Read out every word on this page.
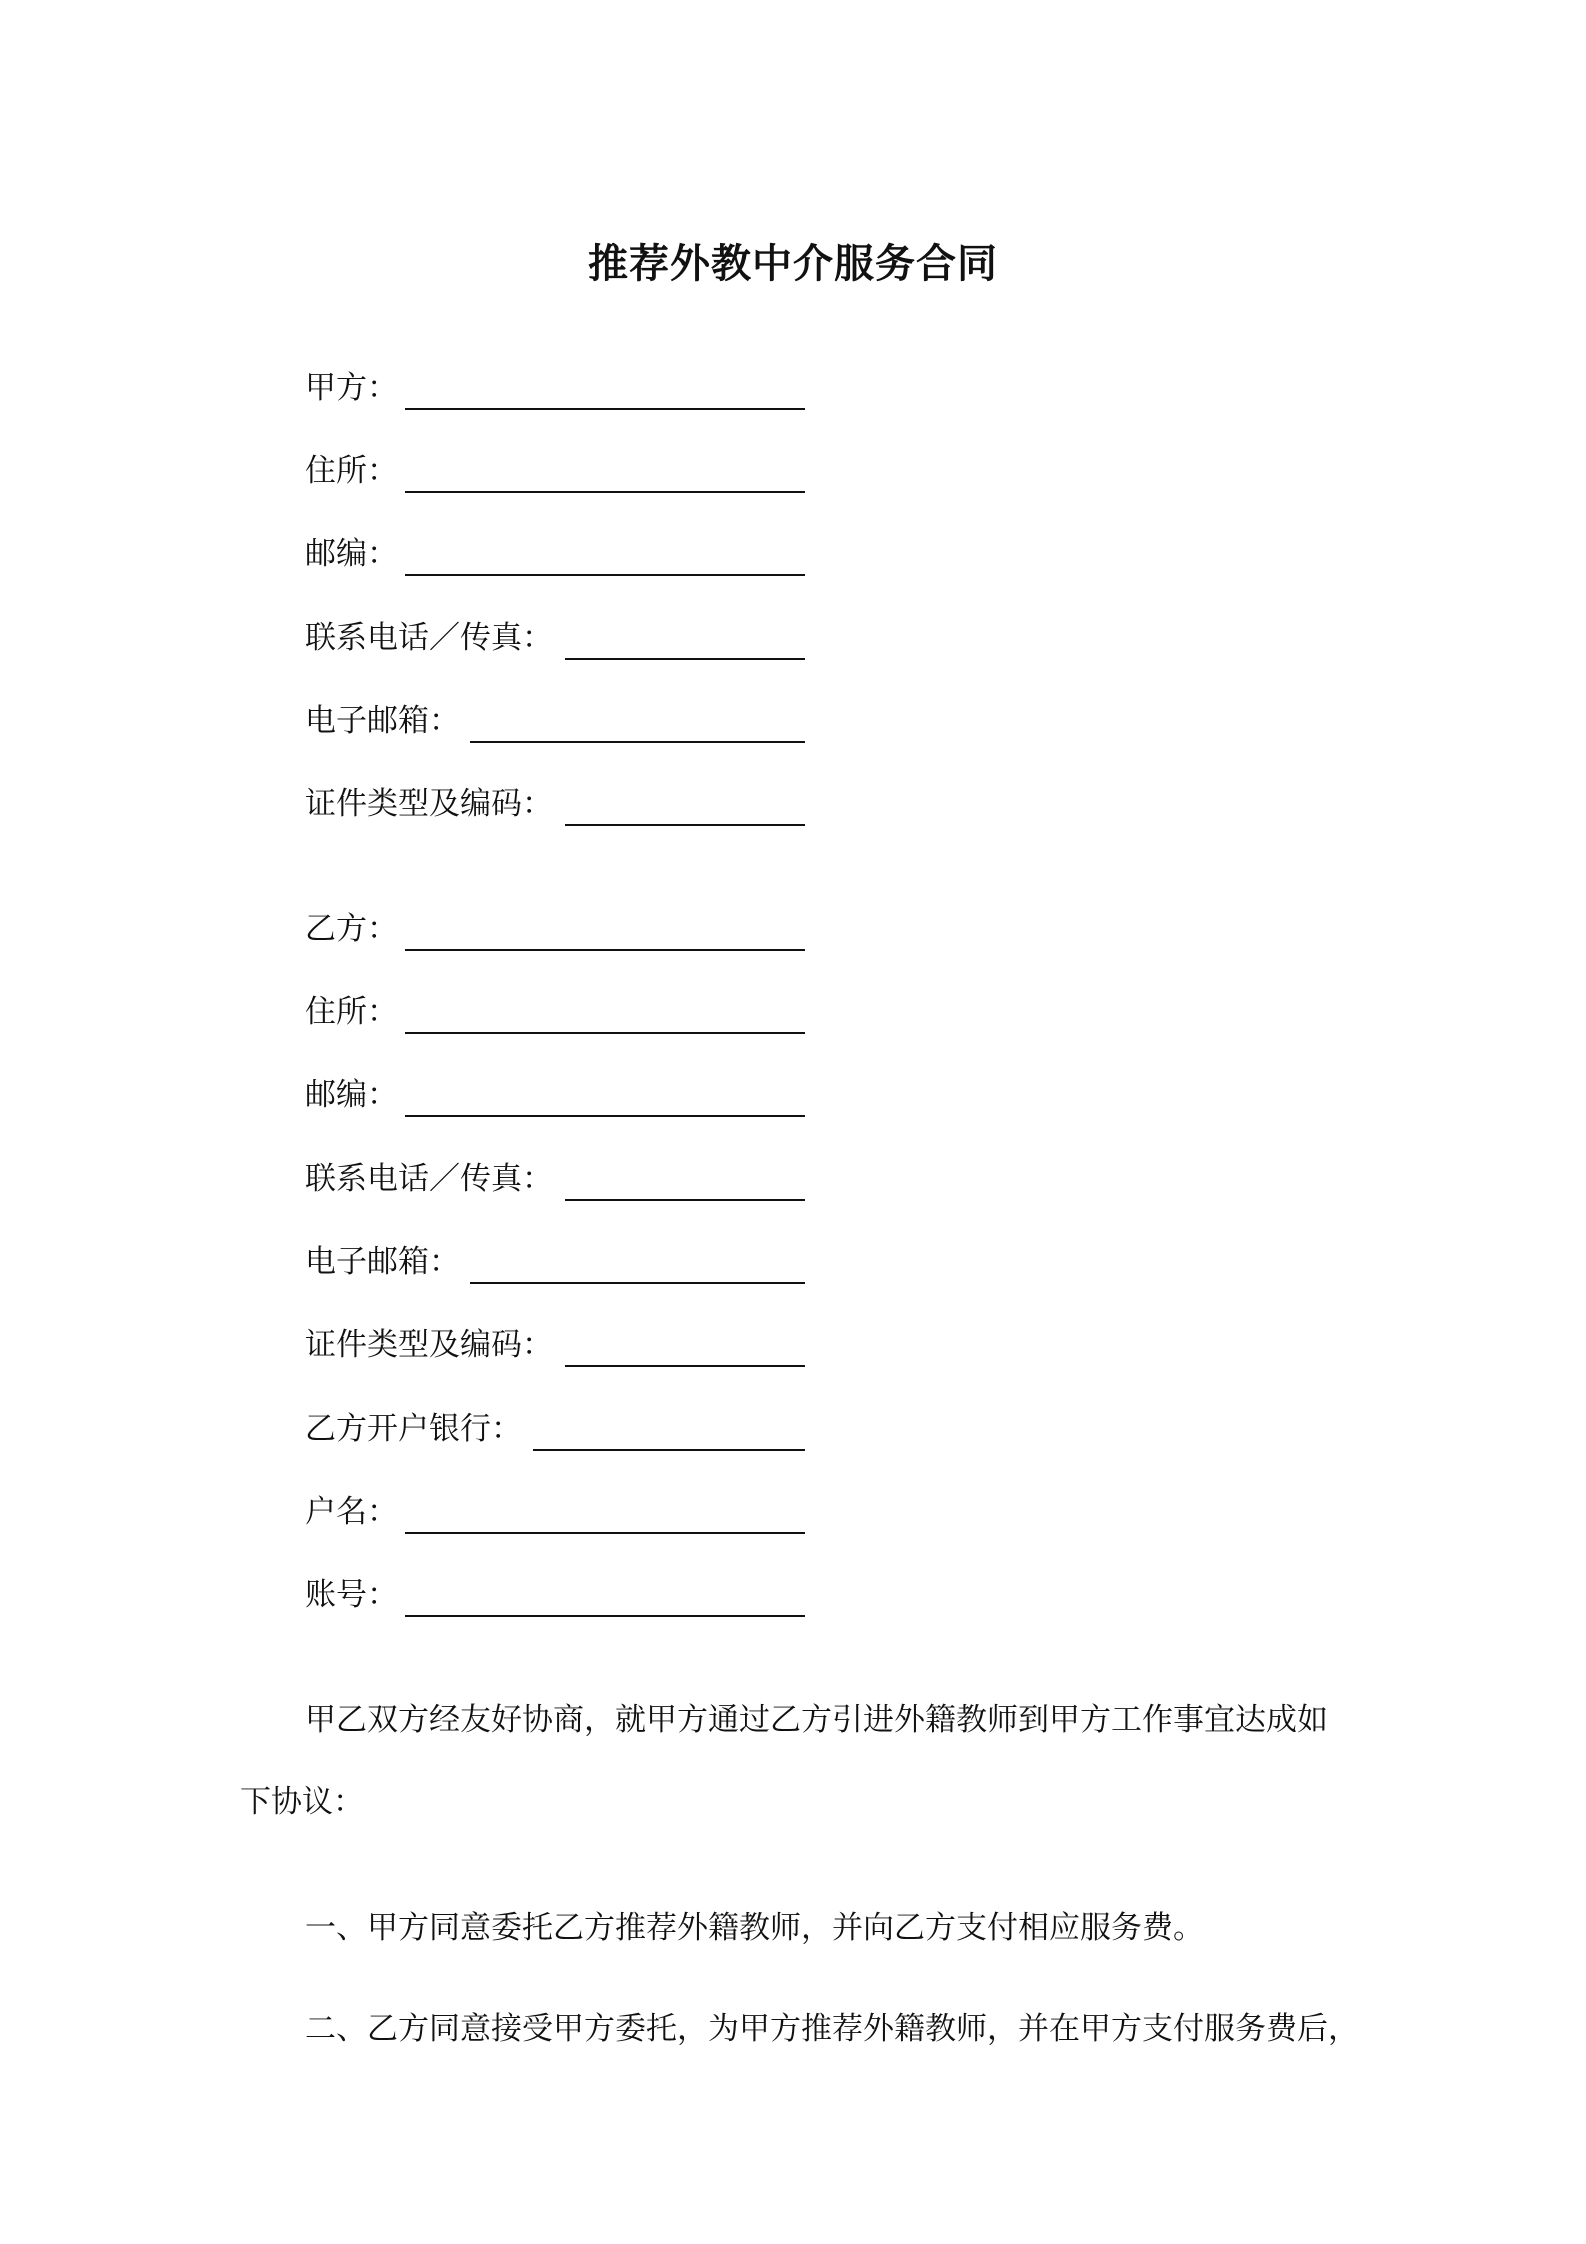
推荐外教中介服务合同
甲方：
住所：
邮编：
联系电话／传真：
电子邮箱：
证件类型及编码：
乙方：
住所：
邮编：
联系电话／传真：
电子邮箱：
证件类型及编码：
乙方开户银行：
户名：
账号：
甲乙双方经友好协商，就甲方通过乙方引进外籍教师到甲方工作事宜达成如
下协议：
一、甲方同意委托乙方推荐外籍教师，并向乙方支付相应服务费。
二、乙方同意接受甲方委托，为甲方推荐外籍教师，并在甲方支付服务费后，
